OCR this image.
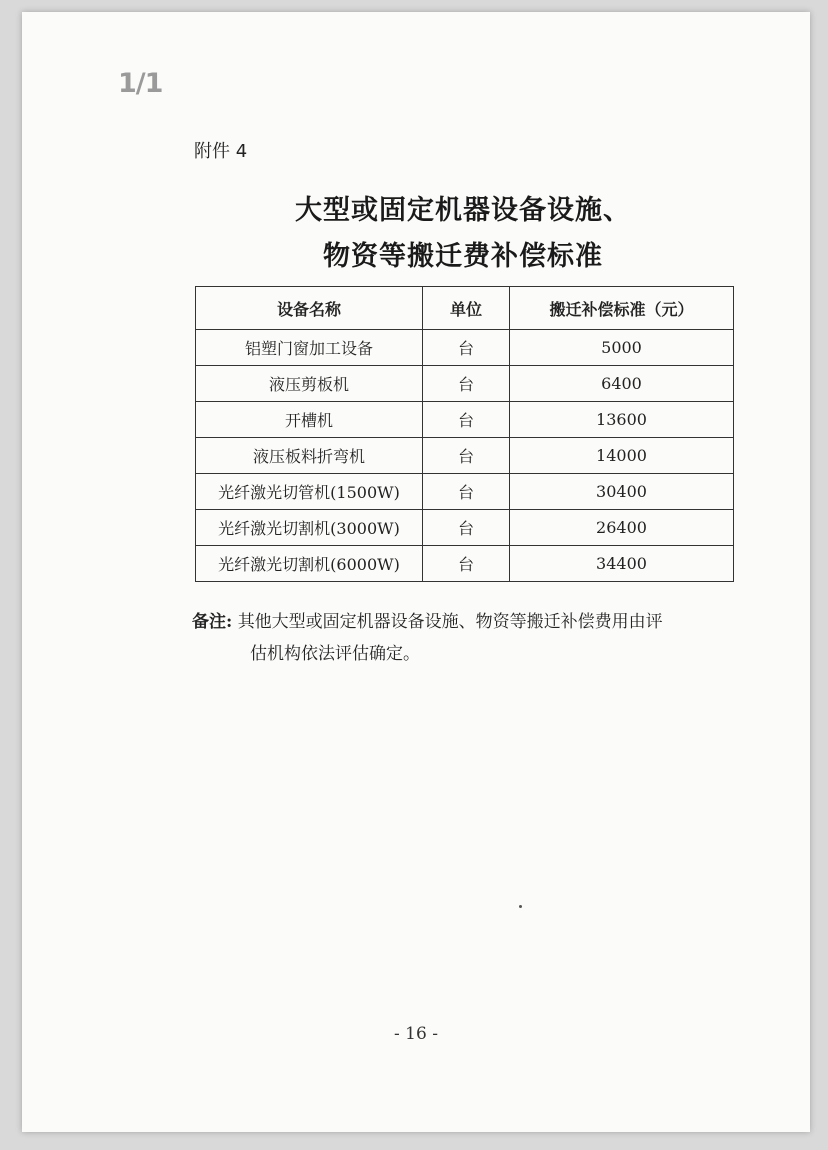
1/1
附件 4
大型或固定机器设备设施、
物资等搬迁费补偿标准
设备名称	单位	搬迁补偿标准（元）
铝塑门窗加工设备	台	5000
液压剪板机	台	6400
开槽机	台	13600
液压板料折弯机	台	14000
光纤激光切管机(1500W)	台	30400
光纤激光切割机(3000W)	台	26400
光纤激光切割机(6000W)	台	34400
备注: 其他大型或固定机器设备设施、物资等搬迁补偿费用由评
估机构依法评估确定。
- 16 -
